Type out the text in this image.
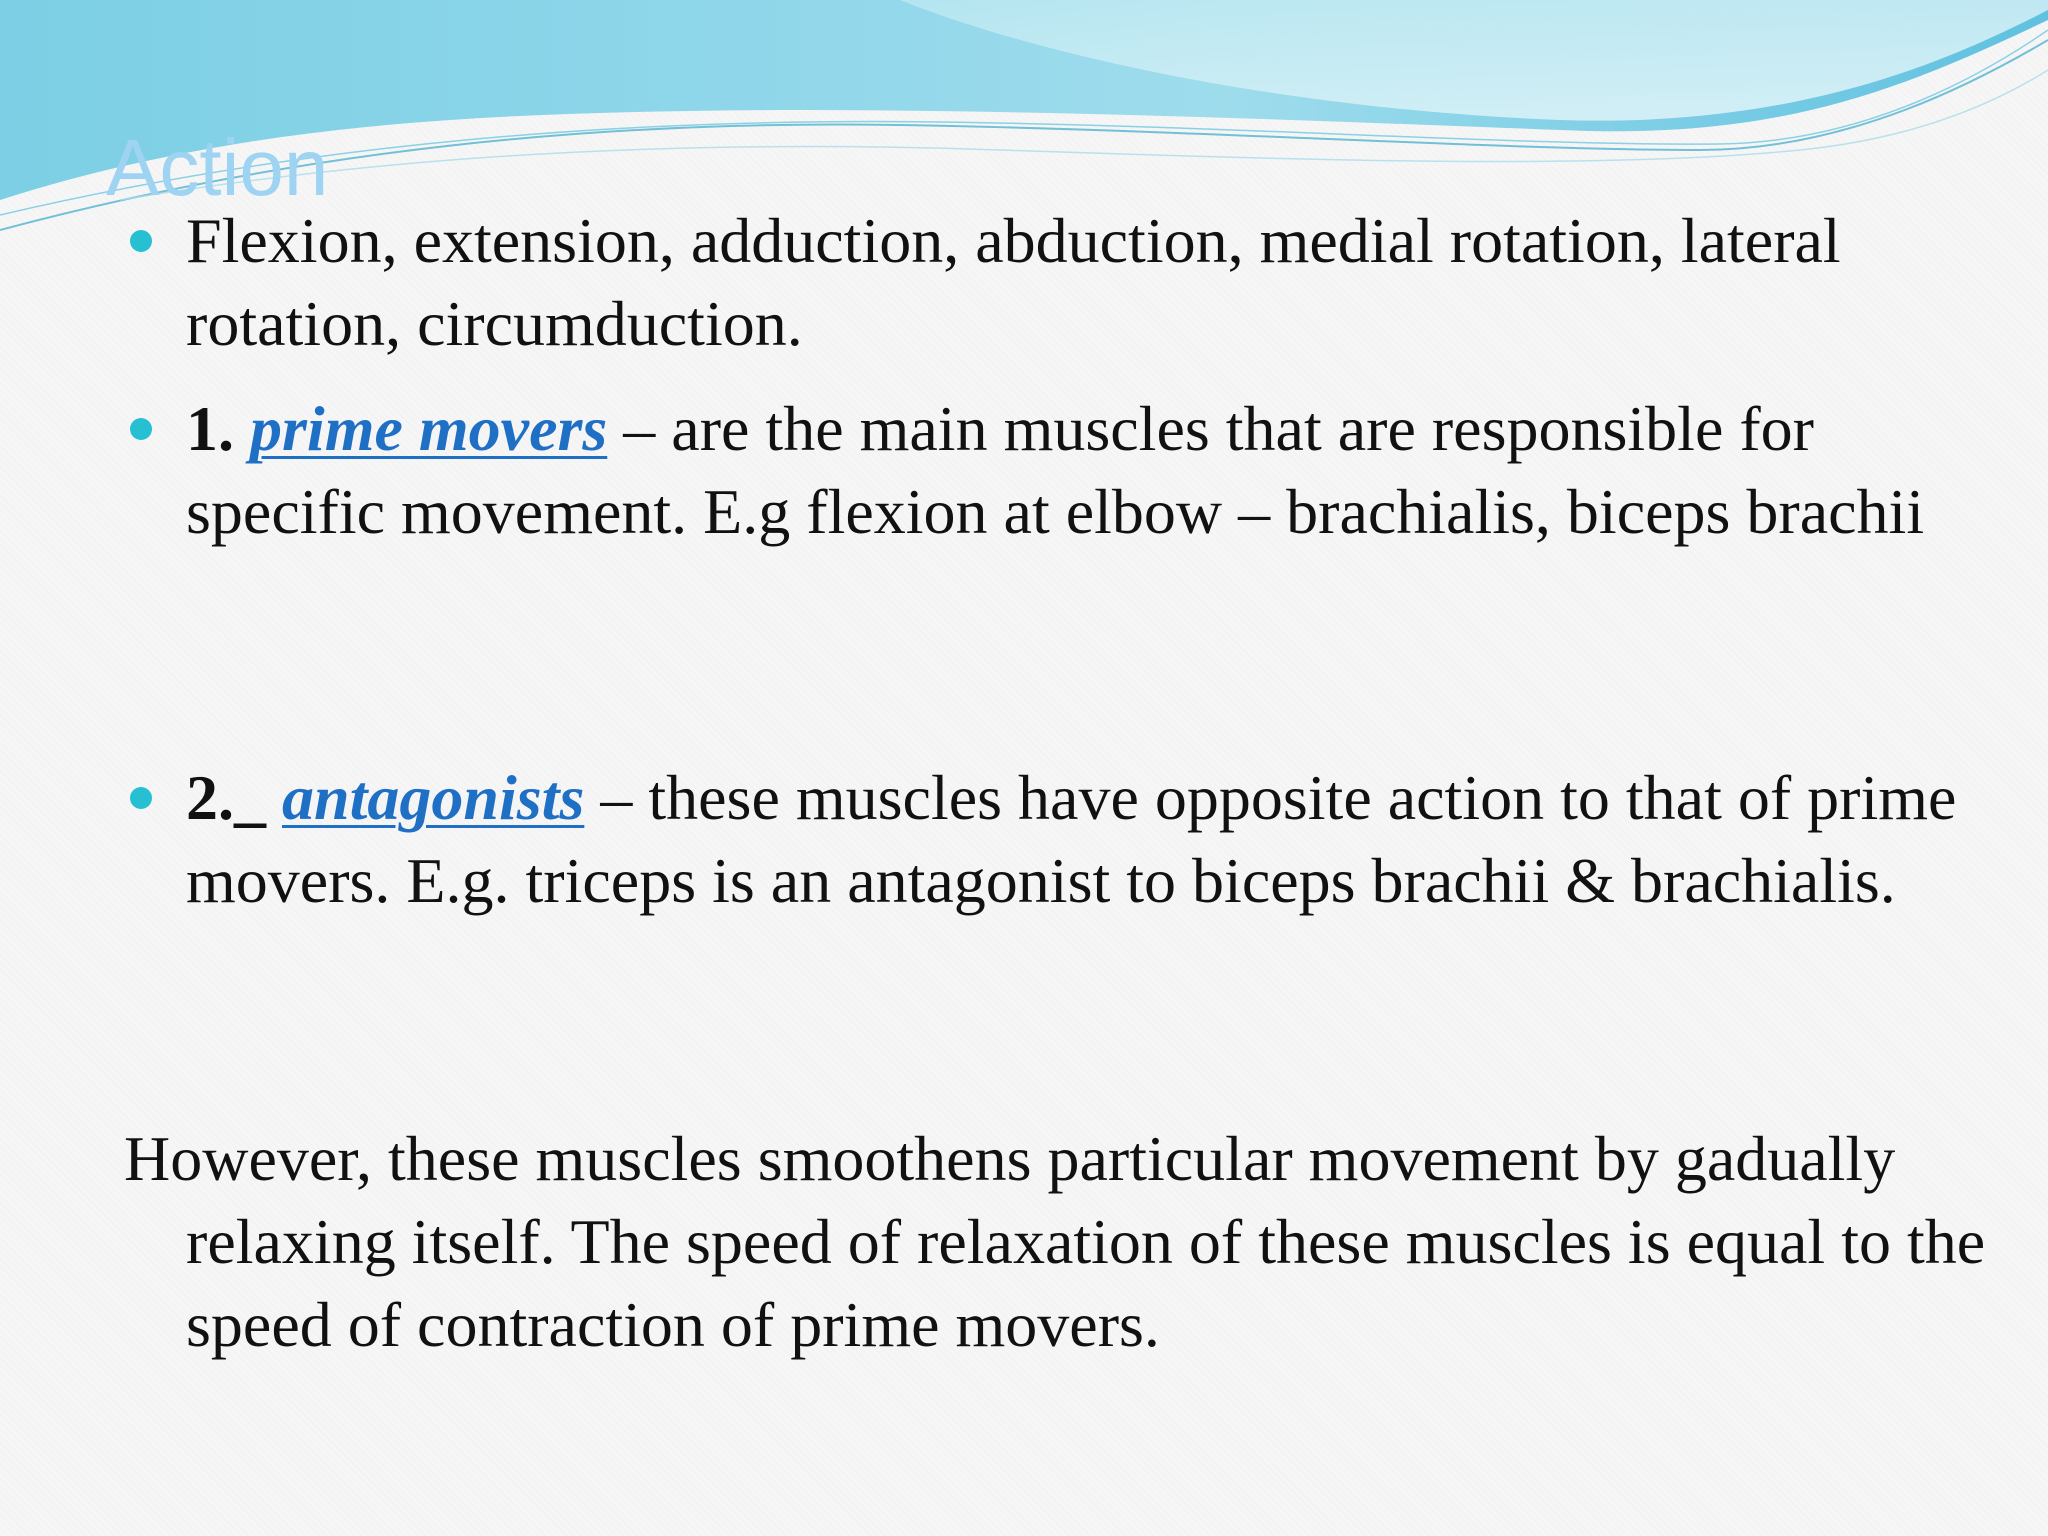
Action

Flexion, extension, adduction, abduction, medial rotation, lateral rotation, circumduction.

1. prime movers – are the main muscles that are responsible for specific movement. E.g flexion at elbow – brachialis, biceps brachii

2._ antagonists – these muscles have opposite action to that of prime movers. E.g. triceps is an antagonist to biceps brachii & brachialis.

However, these muscles smoothens particular movement by gadually relaxing itself. The speed of relaxation of these muscles is equal to the speed of contraction of prime movers.
